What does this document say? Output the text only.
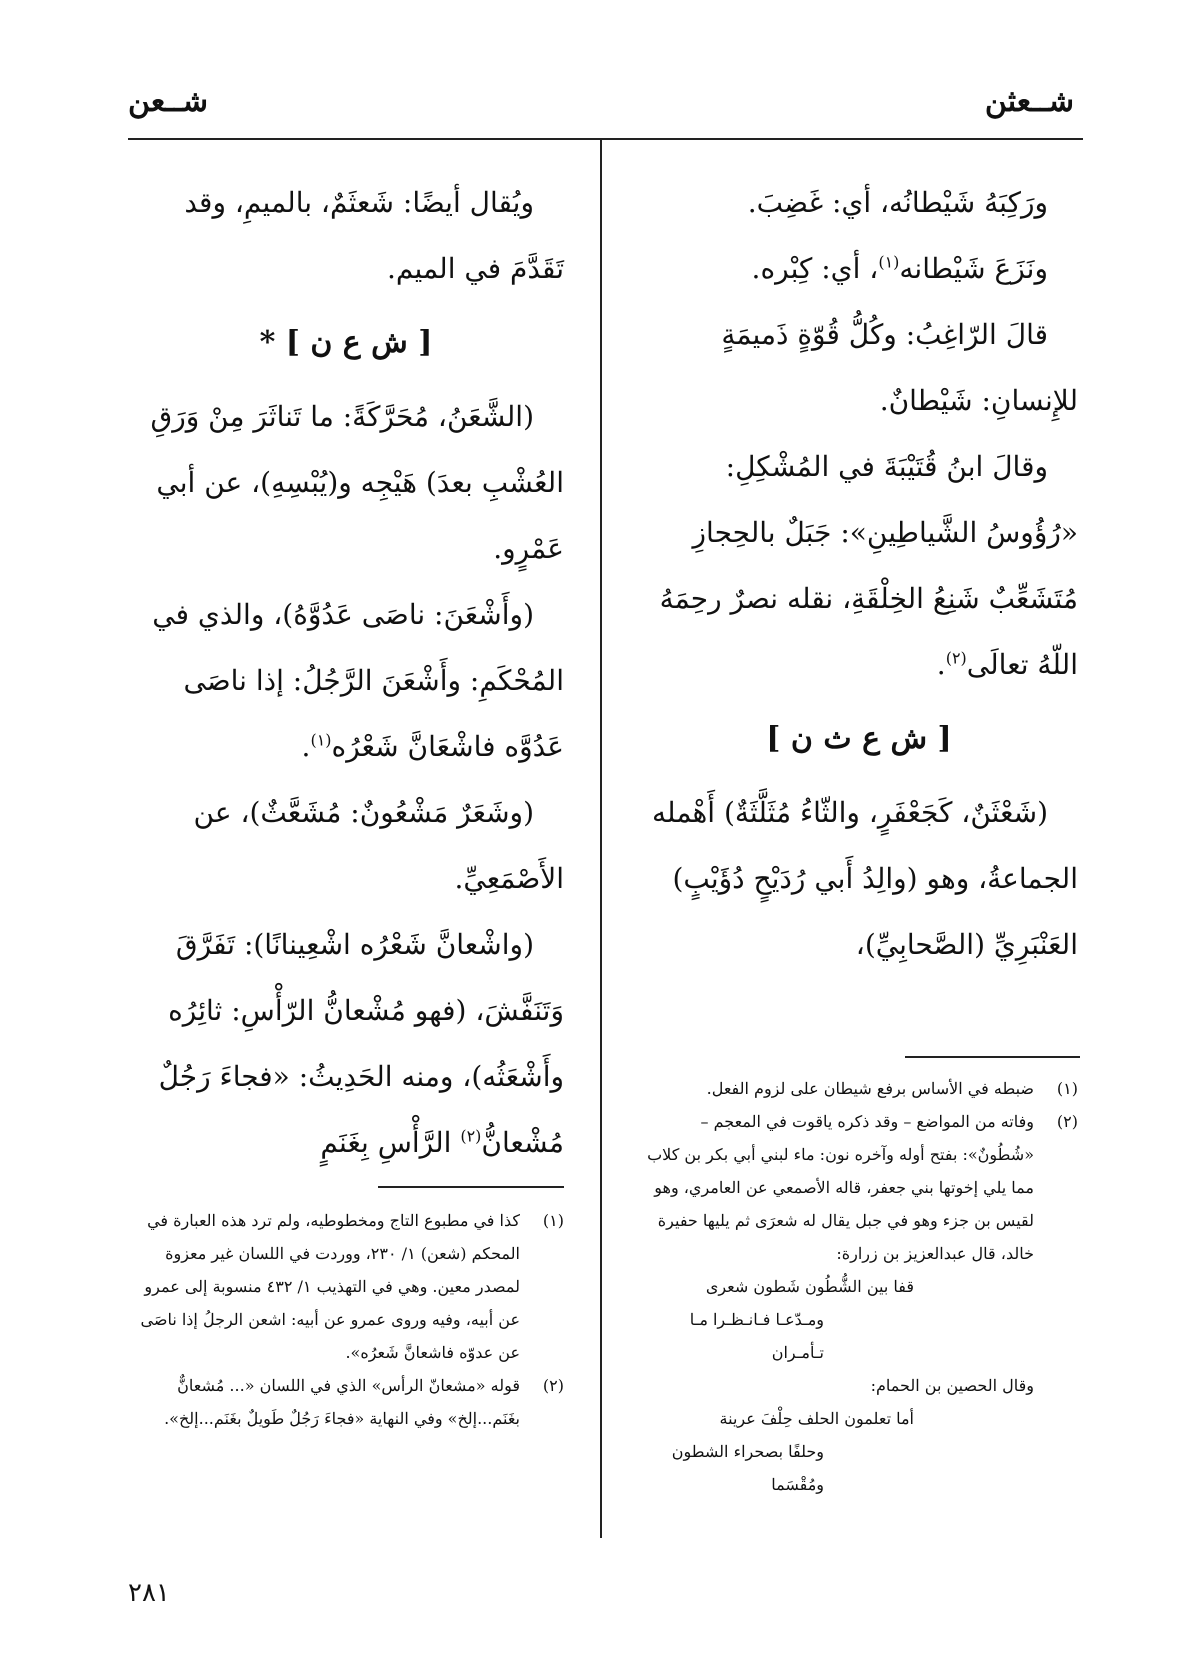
شــعثن
شــعن

ورَكِبَهُ شَيْطانُه، أي: غَضِبَ.

ونَزَعَ شَيْطانه$^{(١)}$، أي: كِبْره.

قالَ الرّاغِبُ: وكُلُّ قُوّةٍ ذَميمَةٍ للإِنسانِ: شَيْطانٌ.

وقالَ ابنُ قُتَيْبَةَ في المُشْكِلِ: «رُؤُوسُ الشَّياطِينِ»: جَبَلٌ بالحِجازِ مُتَشَعِّبٌ شَنِعُ الخِلْقَةِ، نقله نصرٌ رحِمَهُ اللّهُ تعالَى$^{(٢)}$.

[ ش ع ث ن ]

(شَعْثَنٌ، كَجَعْفَرٍ، والثّاءُ مُثَلَّثَةٌ) أَهْمله الجماعةُ، وهو (والِدُ أَبي رُدَيْحٍ دُؤَيْبٍ) العَنْبَرِيِّ (الصَّحابِيِّ)،

ويُقال أيضًا: شَعثَمٌ، بالميمِ، وقد تَقَدَّمَ في الميم.

[ ش ع ن ] *

(الشَّعَنُ، مُحَرَّكَةً: ما تَناثَرَ مِنْ وَرَقِ العُشْبِ بعدَ) هَيْجِه و(يُبْسِهِ)، عن أبي عَمْرٍو.

(وأَشْعَنَ: ناصَى عَدُوَّهُ)، والذي في المُحْكَمِ: وأَشْعَنَ الرَّجُلُ: إذا ناصَى عَدُوَّه فاشْعَانَّ شَعْرُه$^{(١)}$.

(وشَعَرٌ مَشْعُونٌ: مُشَعَّثٌ)، عن الأَصْمَعِيِّ.

(واشْعانَّ شَعْرُه اشْعِينانًا): تَفَرَّقَ وَتَنَفَّشَ، (فهو مُشْعانُّ الرّأْسِ: ثائِرُه وأَشْعَثُه)، ومنه الحَدِيثُ: «فجاءَ رَجُلٌ مُشْعانُّ$^{(٢)}$ الرَّأْسِ بِغَنَمٍ

(١)
ضبطه في الأساس برفع شيطان على لزوم الفعل.
(٢)
وفاته من المواضع – وقد ذكره ياقوت في المعجم – «شُطُونٌ»: بفتح أوله وآخره نون: ماء لبني أبي بكر بن كلاب مما يلي إخوتها بني جعفر، قاله الأصمعي عن العامري، وهو لقيس بن جزء وهو في جبل يقال له شعرَى ثم يليها حفيرة خالد، قال عبدالعزيز بن زرارة:
قفا بين الشُّطُون شَطون شعرى
ومـدّعـا فـانـظـرا مـا تـأمـران
وقال الحصين بن الحمام:
أما تعلمون الحلف حِلْفَ عرينة
وحلفًا بصحراء الشطون ومُقْسَما
(١)
كذا في مطبوع التاج ومخطوطيه، ولم ترد هذه العبارة في المحكم (شعن) ١/ ٢٣٠، ووردت في اللسان غير معزوة لمصدر معين. وهي في التهذيب ١/ ٤٣٢ منسوبة إلى عمرو عن أبيه، وفيه وروى عمرو عن أبيه: اشعن الرجلُ إذا ناصَى عن عدوّه فاشعانَّ شَعرُه».
(٢)
قوله «مشعانّ الرأس» الذي في اللسان «... مُشعانٌّ بغَنَم...إلخ» وفي النهاية «فجاءَ رَجُلٌ طَويلٌ بغَنَم...إلخ».
٢٨١
